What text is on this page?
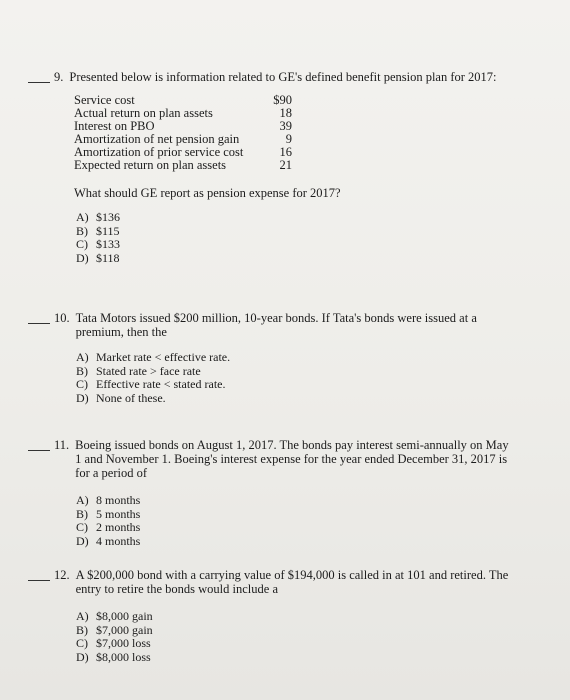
9. Presented below is information related to GE's defined benefit pension plan for 2017:
Service cost	$90
Actual return on plan assets	18
Interest on PBO	39
Amortization of net pension gain	9
Amortization of prior service cost	16
Expected return on plan assets	21
What should GE report as pension expense for 2017?
A) $136
B) $115
C) $133
D) $118
10. Tata Motors issued $200 million, 10-year bonds. If Tata's bonds were issued at a premium, then the
A) Market rate < effective rate.
B) Stated rate > face rate
C) Effective rate < stated rate.
D) None of these.
11. Boeing issued bonds on August 1, 2017. The bonds pay interest semi-annually on May 1 and November 1. Boeing's interest expense for the year ended December 31, 2017 is for a period of
A) 8 months
B) 5 months
C) 2 months
D) 4 months
12. A $200,000 bond with a carrying value of $194,000 is called in at 101 and retired. The entry to retire the bonds would include a
A) $8,000 gain
B) $7,000 gain
C) $7,000 loss
D) $8,000 loss
